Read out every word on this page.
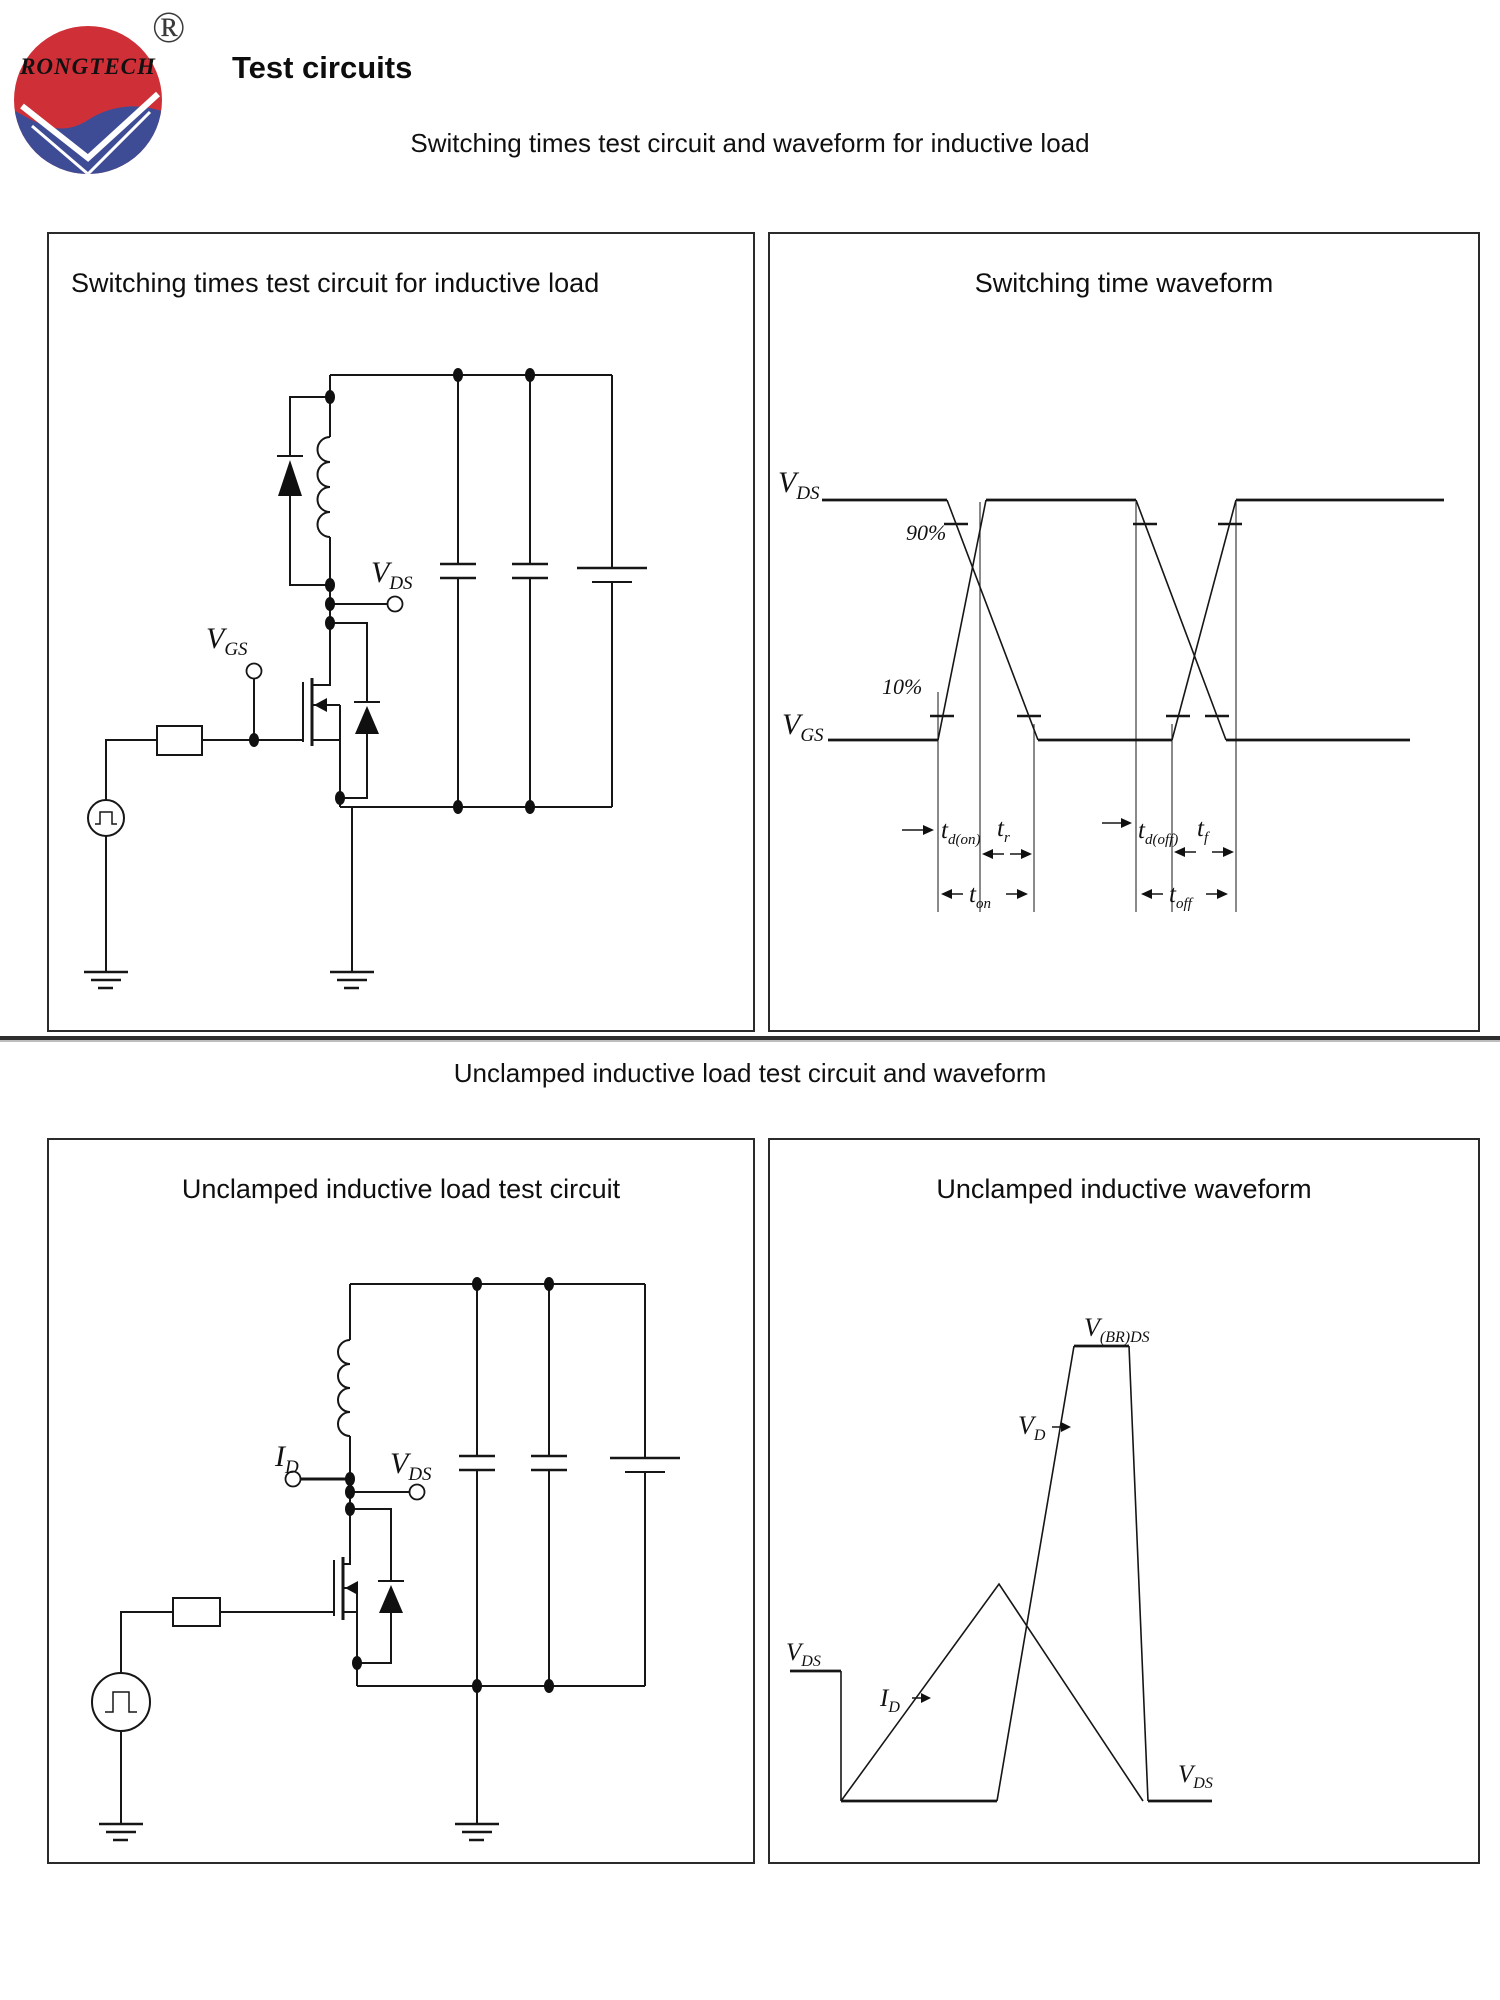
RONGTECH
®
Test circuits
Switching times test circuit and waveform for inductive load
Switching times test circuit for inductive load
$V_{DS}$
$V_{GS}$
Switching time waveform
$V_{DS}$
$V_{GS}$
90%
10%
$t_{d(on)}$ $t_r$
$t_{on}$
$t_{d(off)}$ $t_f$
$t_{off}$
Unclamped inductive load test circuit and waveform
Unclamped inductive load test circuit
$I_D$	$V_{DS}$
Unclamped inductive waveform
$V_{(BR)DS}$
$V_D$
$V_{DS}$
$I_D$
$V_{DS}$
